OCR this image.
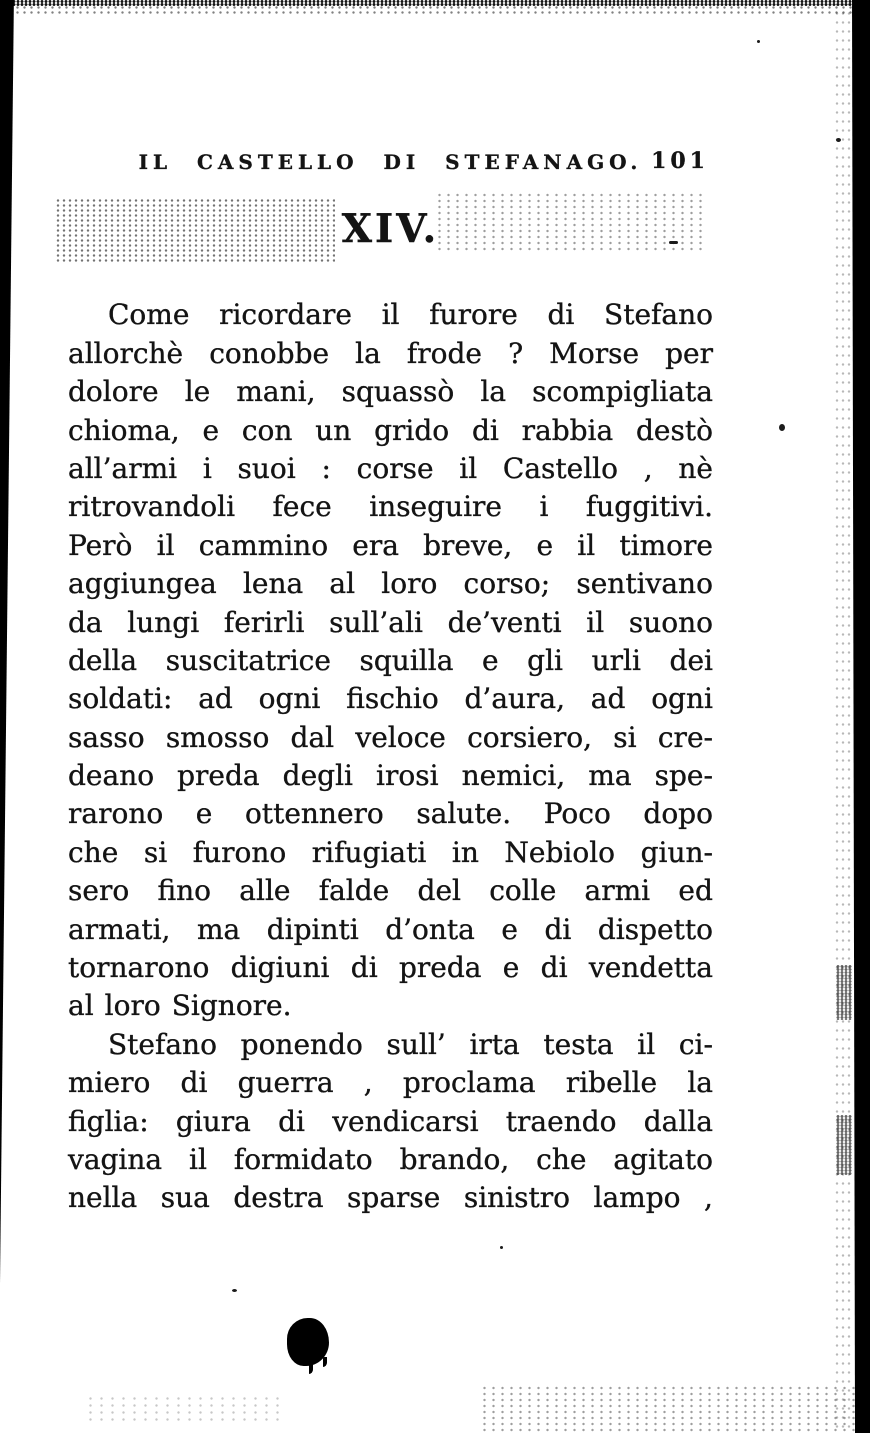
IL CASTELLO DI STEFANAGO. 101
XIV.
Come ricordare il furore di Stefano
allorchè conobbe la frode ? Morse per
dolore le mani, squassò la scompigliata
chioma, e con un grido di rabbia destò
all’armi i suoi : corse il Castello , nè
ritrovandoli fece inseguire i fuggitivi.
Però il cammino era breve, e il timore
aggiungea lena al loro corso; sentivano
da lungi ferirli sull’ali de’venti il suono
della suscitatrice squilla e gli urli dei
soldati: ad ogni fischio d’aura, ad ogni
sasso smosso dal veloce corsiero, si cre-
deano preda degli irosi nemici, ma spe-
rarono e ottennero salute. Poco dopo
che si furono rifugiati in Nebiolo giun-
sero fino alle falde del colle armi ed
armati, ma dipinti d’onta e di dispetto
tornarono digiuni di preda e di vendetta
al loro Signore.
Stefano ponendo sull’ irta testa il ci-
miero di guerra , proclama ribelle la
figlia: giura di vendicarsi traendo dalla
vagina il formidato brando, che agitato
nella sua destra sparse sinistro lampo ,
